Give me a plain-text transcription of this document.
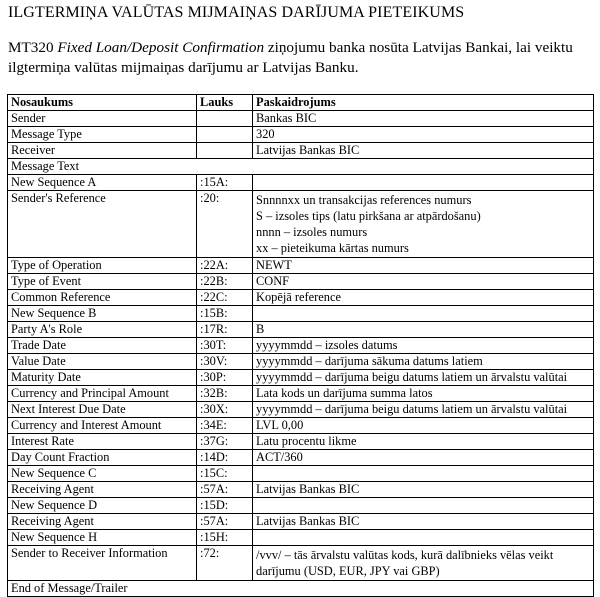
ILGTERMIŅA VALŪTAS MIJMAIŅAS DARĪJUMA PIETEIKUMS
MT320 Fixed Loan/Deposit Confirmation ziņojumu banka nosūta Latvijas Bankai, lai veiktu ilgtermiņa valūtas mijmaiņas darījumu ar Latvijas Banku.
Nosaukums	Lauks	Paskaidrojums
Sender		Bankas BIC

Message Type		320

Receiver		Latvijas Bankas BIC

Message Text		
New Sequence A	:15A:	

Sender's Reference	:20:	Snnnnxx un transakcijas references numurs
S – izsoles tips (latu pirkšana ar atpārdošanu)
nnnn – izsoles numurs
xx – pieteikuma kārtas numurs

Type of Operation	:22A:	NEWT

Type of Event	:22B:	CONF

Common Reference	:22C:	Kopējā reference

New Sequence B	:15B:	

Party A's Role	:17R:	B

Trade Date	:30T:	yyyymmdd – izsoles datums

Value Date	:30V:	yyyymmdd – darījuma sākuma datums latiem

Maturity Date	:30P:	yyyymmdd – darījuma beigu datums latiem un ārvalstu valūtai

Currency and Principal Amount	:32B:	Lata kods un darījuma summa latos

Next Interest Due Date	:30X:	yyyymmdd – darījuma beigu datums latiem un ārvalstu valūtai

Currency and Interest Amount	:34E:	LVL 0,00

Interest Rate	:37G:	Latu procentu likme

Day Count Fraction	:14D:	ACT/360

New Sequence C	:15C:	

Receiving Agent	:57A:	Latvijas Bankas BIC

New Sequence D	:15D:	

Receiving Agent	:57A:	Latvijas Bankas BIC

New Sequence H	:15H:	

Sender to Receiver Information	:72:	/vvv/ – tās ārvalstu valūtas kods, kurā dalībnieks vēlas veikt
darījumu (USD, EUR, JPY vai GBP)

End of Message/Trailer		
